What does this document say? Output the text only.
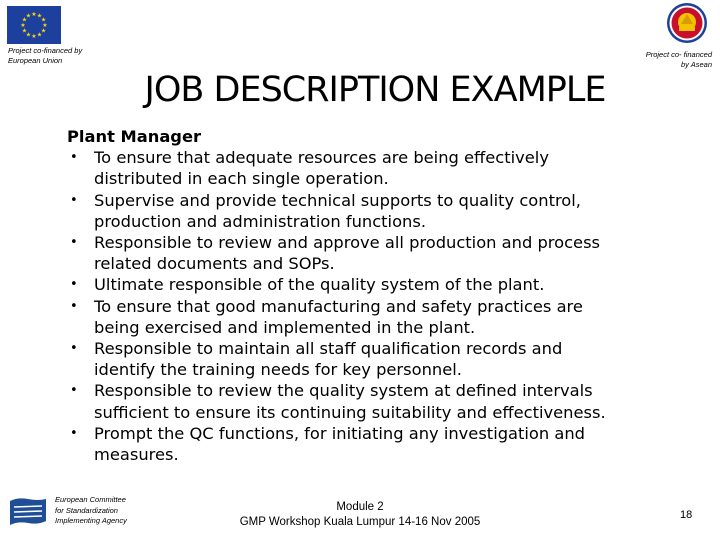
★ ★
★
★
★
★
★
★
★
★
★
★
Project co-financed by
European Union
Project co- financed
by Asean
JOB DESCRIPTION EXAMPLE
Plant Manager
• To ensure that adequate resources are being effectively
distributed in each single operation.
• Supervise and provide technical supports to quality control,
production and administration functions.
• Responsible to review and approve all production and process
related documents and SOPs.
• Ultimate responsible of the quality system of the plant.
• To ensure that good manufacturing and safety practices are
being exercised and implemented in the plant.
• Responsible to maintain all staff qualification records and
identify the training needs for key personnel.
• Responsible to review the quality system at defined intervals
sufficient to ensure its continuing suitability and effectiveness.
• Prompt the QC functions, for initiating any investigation and
measures.
European Committee
for Standardization
Implementing Agency
Module 2
GMP Workshop Kuala Lumpur 14-16 Nov 2005
18
